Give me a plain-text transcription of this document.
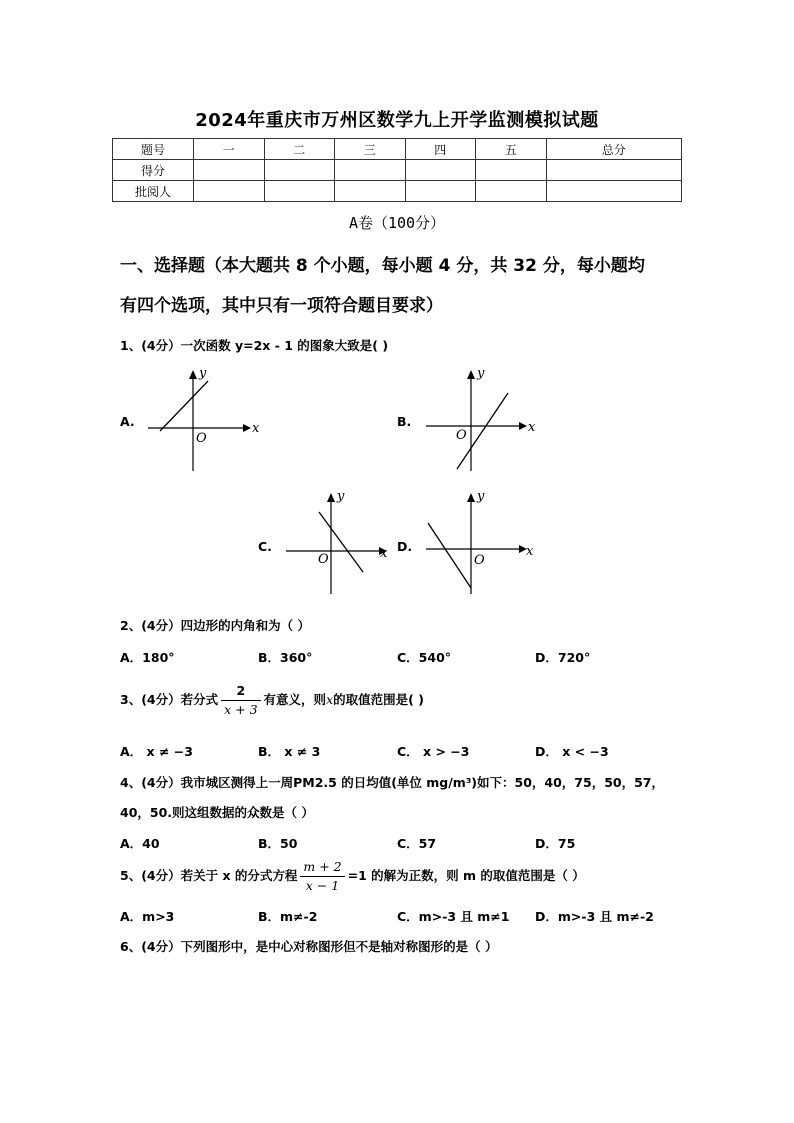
2024年重庆市万州区数学九上开学监测模拟试题
题号	一	二	三	四	五	总分
得分						
批阅人						
A卷（100分）
一、选择题（本大题共 8 个小题，每小题 4 分，共 32 分，每小题均
有四个选项，其中只有一项符合题目要求）
1、(4分）一次函数 y=2x - 1 的图象大致是( )
A.	x
y
O
B.	x
y
O
C.	x
y
O
D.	x
y
O
2、(4分）四边形的内角和为（ ）
A．180°	B．360°	C．540°	D．720°
3、(4分）若分式 $\frac{2}{x + 3}$ 有意义，则x的取值范围是( )
A． x ≠ −3	B． x ≠ 3	C． x > −3	D． x < −3
4、(4分）我市城区测得上一周PM2.5 的日均值(单位 mg/m³)如下：50，40，75，50，57，
40，50.则这组数据的众数是（ ）
A．40	B．50	C．57	D．75
5、(4分）若关于 x 的分式方程 $\frac{m + 2}{x - 1} =1$ 的解为正数，则 m 的取值范围是（ ）
A．m>3	B．m≠-2	C．m>-3 且 m≠1 D．m>-3 且 m≠-2
6、(4分）下列图形中，是中心对称图形但不是轴对称图形的是（ ）
